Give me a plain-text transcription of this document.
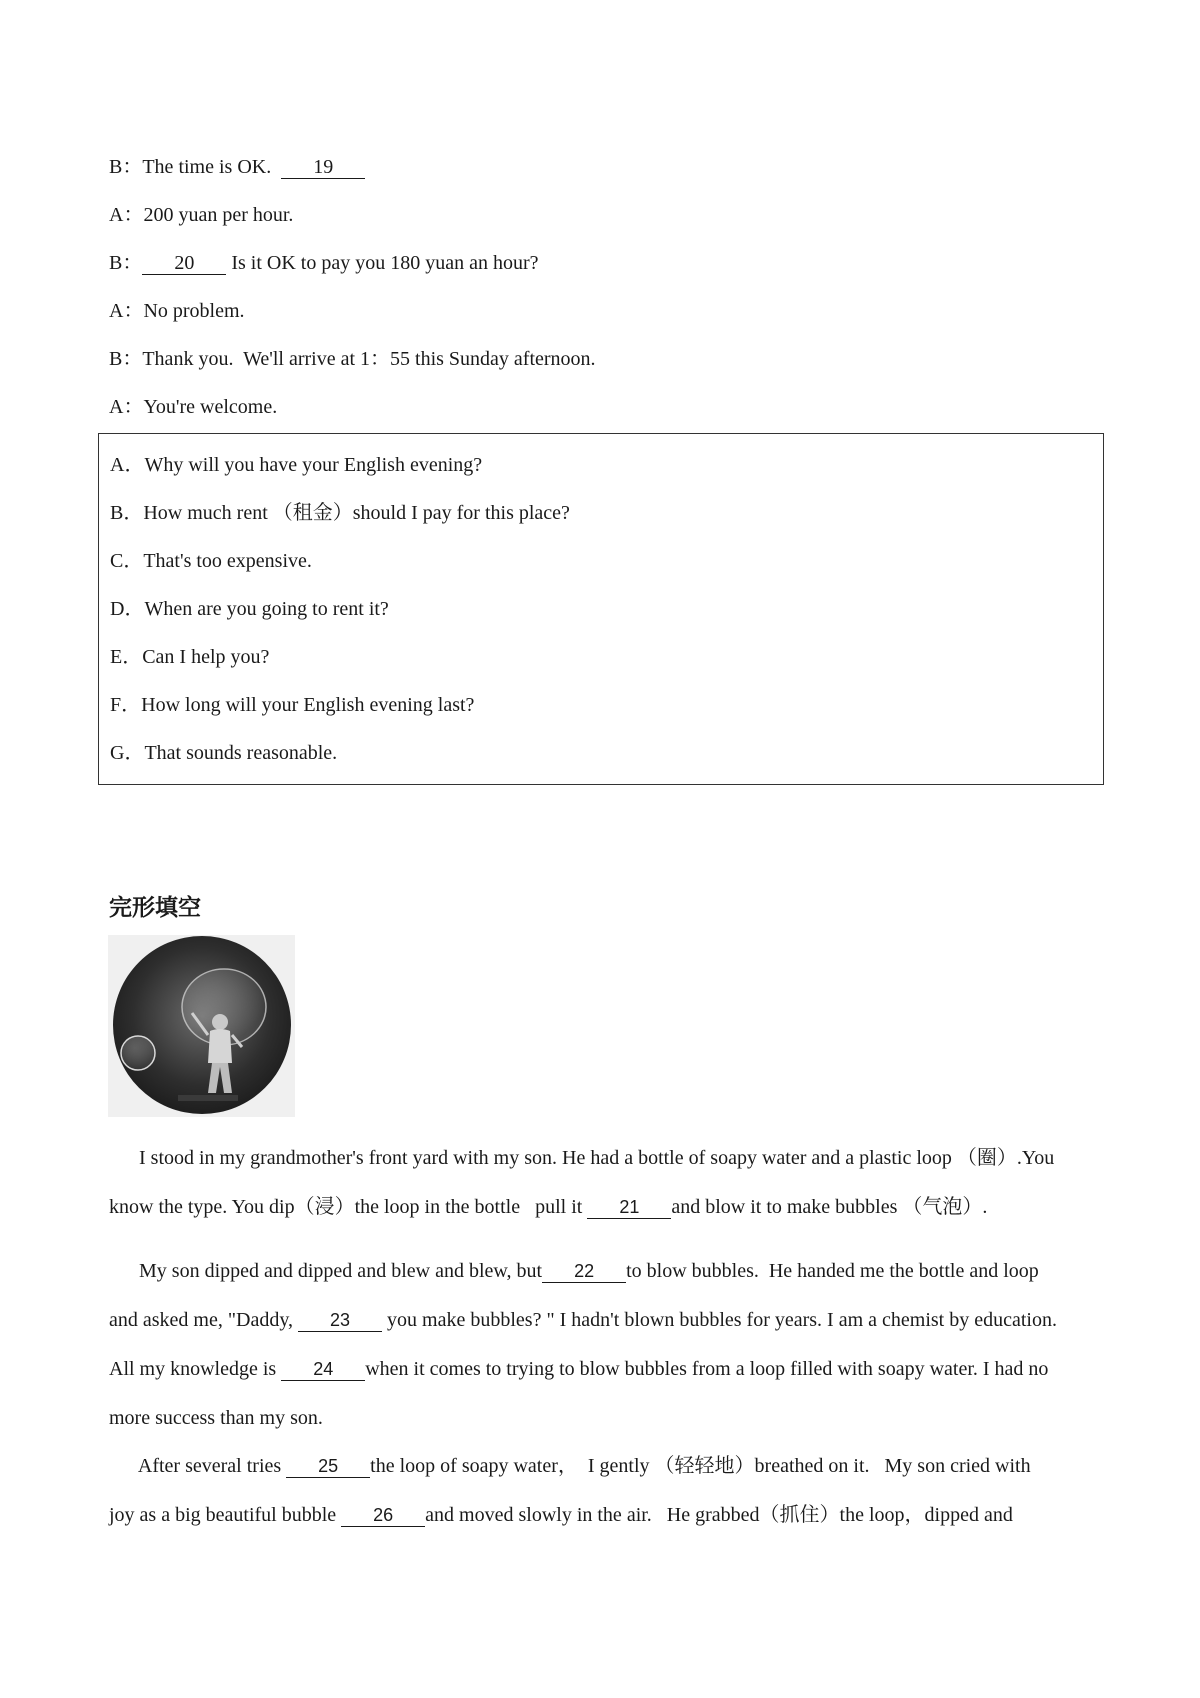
B：The time is OK.  19
A：200 yuan per hour.
B： 20 Is it OK to pay you 180 yuan an hour?
A：No problem.
B：Thank you.  We'll arrive at 1：55 this Sunday afternoon.
A：You're welcome.
A．Why will you have your English evening?
B．How much rent （租金）should I pay for this place?
C．That's too expensive.
D．When are you going to rent it?
E．Can I help you?
F．How long will your English evening last?
G．That sounds reasonable.
完形填空
I stood in my grandmother's front yard with my son. He had a bottle of soapy water and a plastic loop （圈）.You
know the type. You dip（浸）the loop in the bottle   pull it 21 and blow it to make bubbles （气泡）.
My son dipped and dipped and blew and blew, but 22 to blow bubbles.  He handed me the bottle and loop
and asked me, "Daddy, 23 you make bubbles? " I hadn't blown bubbles for years. I am a chemist by education.
All my knowledge is 24 when it comes to trying to blow bubbles from a loop filled with soapy water. I had no
more success than my son.
After several tries 25 the loop of soapy water，  I gently （轻轻地）breathed on it.   My son cried with
joy as a big beautiful bubble 26 and moved slowly in the air.   He grabbed（抓住）the loop，dipped and
